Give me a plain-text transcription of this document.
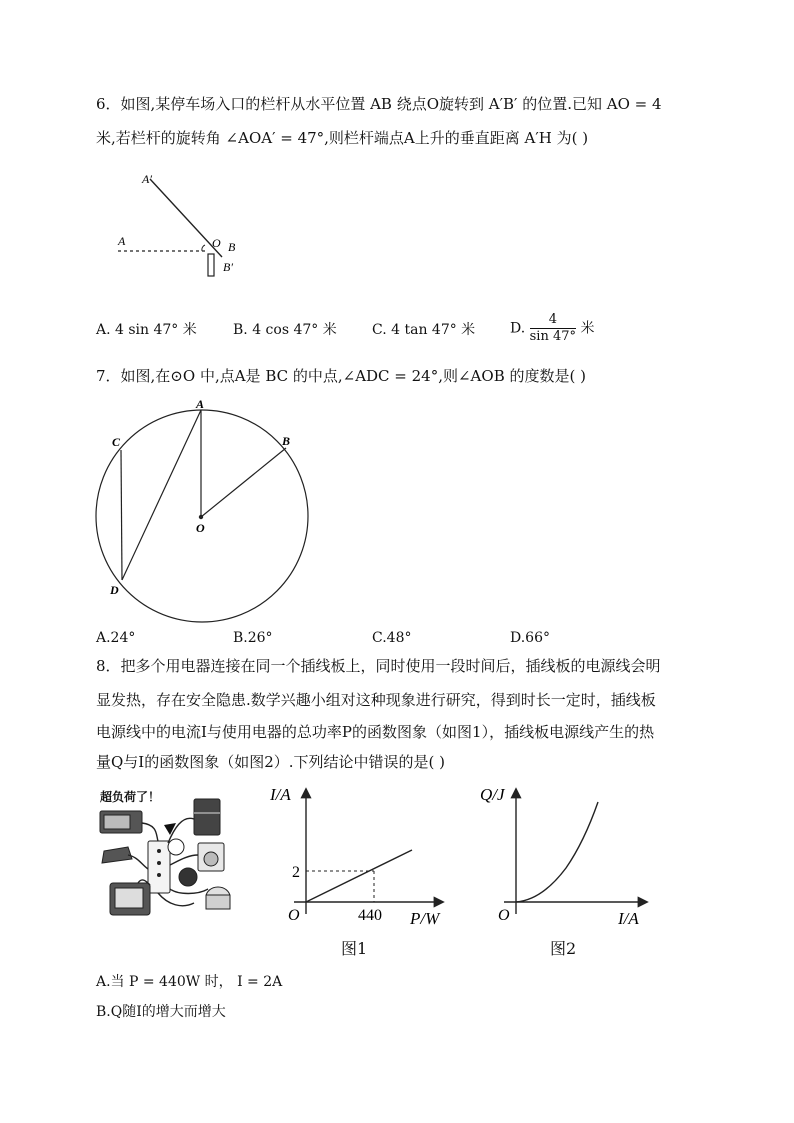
6．如图,某停车场入口的栏杆从水平位置 AB 绕点O旋转到 A′B′ 的位置.已知 AO = 4
米,若栏杆的旋转角 ∠AOA′ = 47°,则栏杆端点A上升的垂直距离 A′H 为( )
A′
A	O B
B′
A. 4 sin 47° 米	B. 4 cos 47° 米	C. 4 tan 47° 米 D. $\frac{4}{\sin 47^\circ}$ 米
7．如图,在⊙O 中,点A是 BC 的中点,∠ADC = 24°,则∠AOB 的度数是( )
A
B
C
D
O
A.24°	B.26°	C.48°	D.66°
8．把多个用电器连接在同一个插线板上，同时使用一段时间后，插线板的电源线会明
显发热，存在安全隐患.数学兴趣小组对这种现象进行研究，得到时长一定时，插线板
电源线中的电流I与使用电器的总功率P的函数图象（如图1），插线板电源线产生的热
量Q与I的函数图象（如图2）.下列结论中错误的是( )
超负荷了！	I/A
P/W
O
2
440
图1
Q/J
I/A
O
图2
A.当 P = 440W 时， I = 2A
B.Q随I的增大而增大
